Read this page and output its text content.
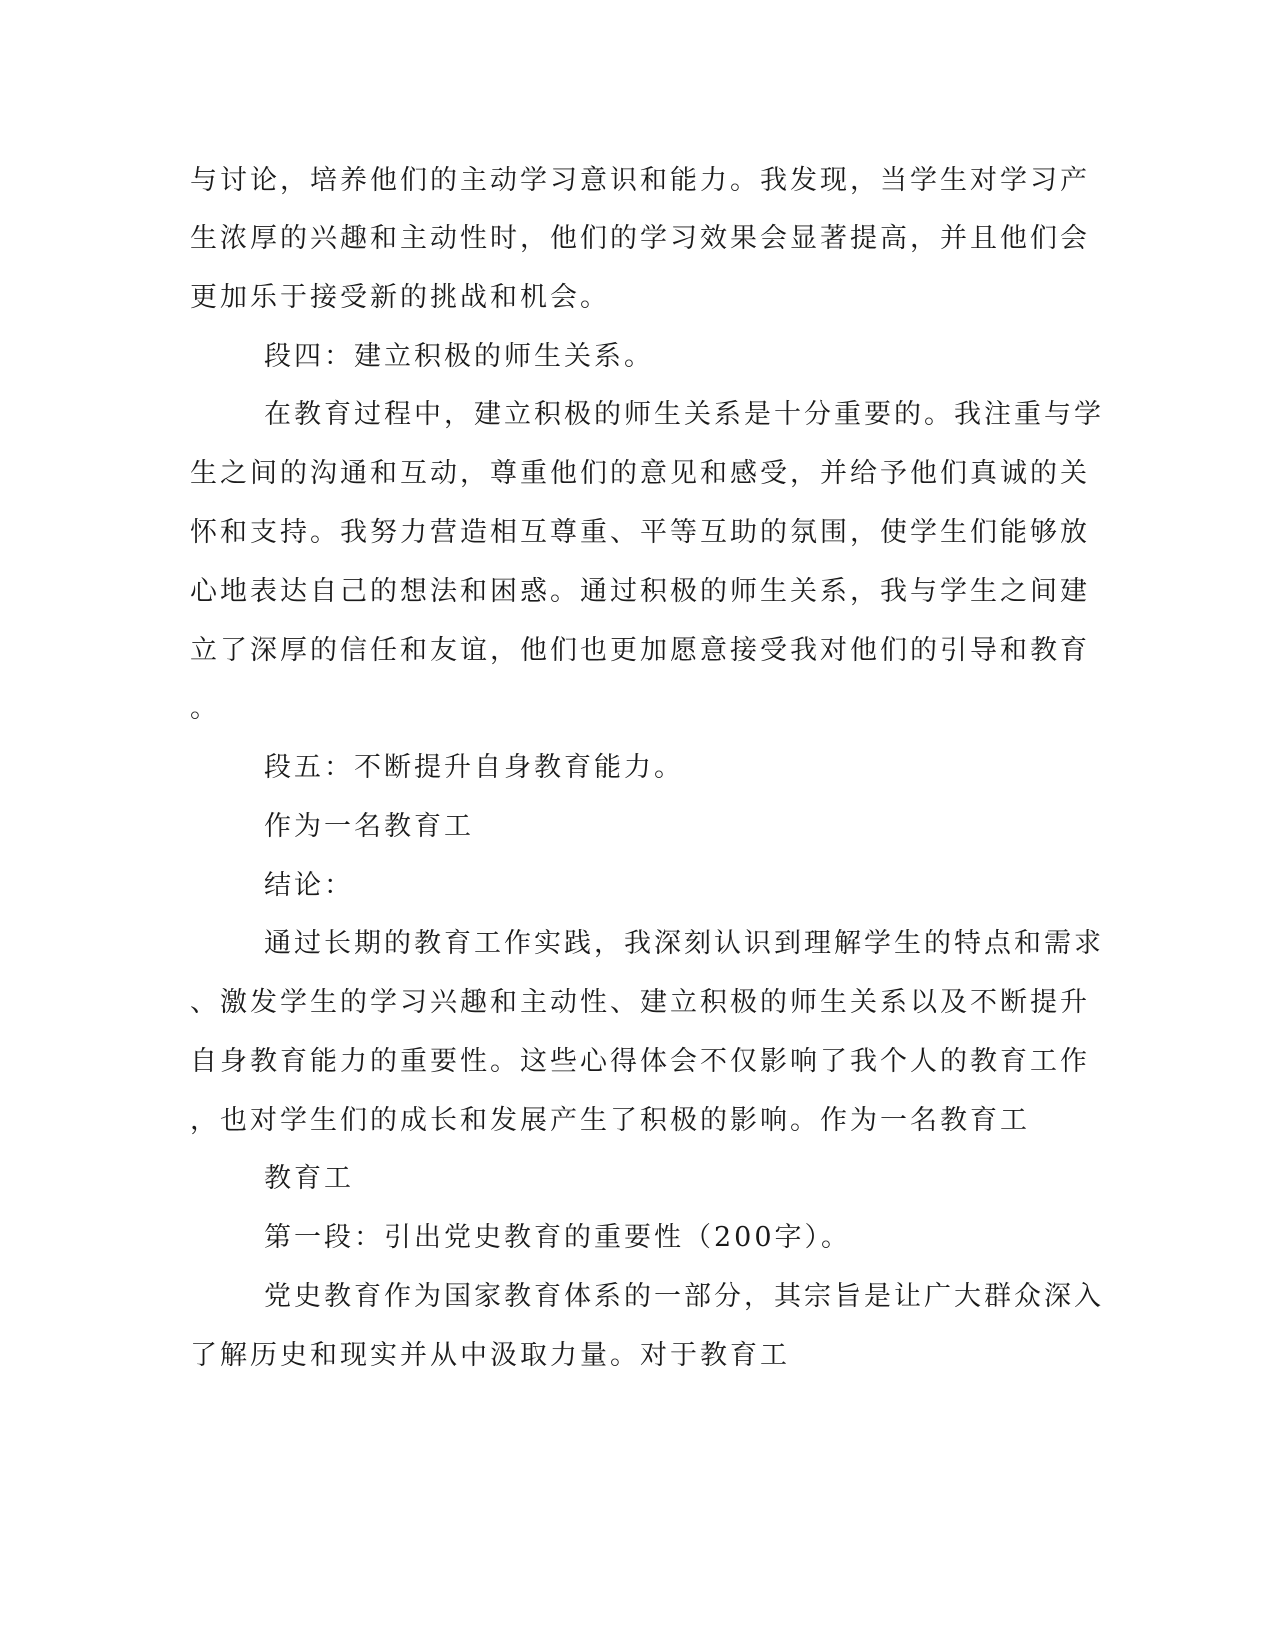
与讨论，培养他们的主动学习意识和能力。我发现，当学生对学习产
生浓厚的兴趣和主动性时，他们的学习效果会显著提高，并且他们会
更加乐于接受新的挑战和机会。
段四：建立积极的师生关系。
在教育过程中，建立积极的师生关系是十分重要的。我注重与学
生之间的沟通和互动，尊重他们的意见和感受，并给予他们真诚的关
怀和支持。我努力营造相互尊重、平等互助的氛围，使学生们能够放
心地表达自己的想法和困惑。通过积极的师生关系，我与学生之间建
立了深厚的信任和友谊，他们也更加愿意接受我对他们的引导和教育
。
段五：不断提升自身教育能力。
作为一名教育工
结论：
通过长期的教育工作实践，我深刻认识到理解学生的特点和需求
、激发学生的学习兴趣和主动性、建立积极的师生关系以及不断提升
自身教育能力的重要性。这些心得体会不仅影响了我个人的教育工作
，也对学生们的成长和发展产生了积极的影响。作为一名教育工
教育工
第一段：引出党史教育的重要性（200字）。
党史教育作为国家教育体系的一部分，其宗旨是让广大群众深入
了解历史和现实并从中汲取力量。对于教育工
